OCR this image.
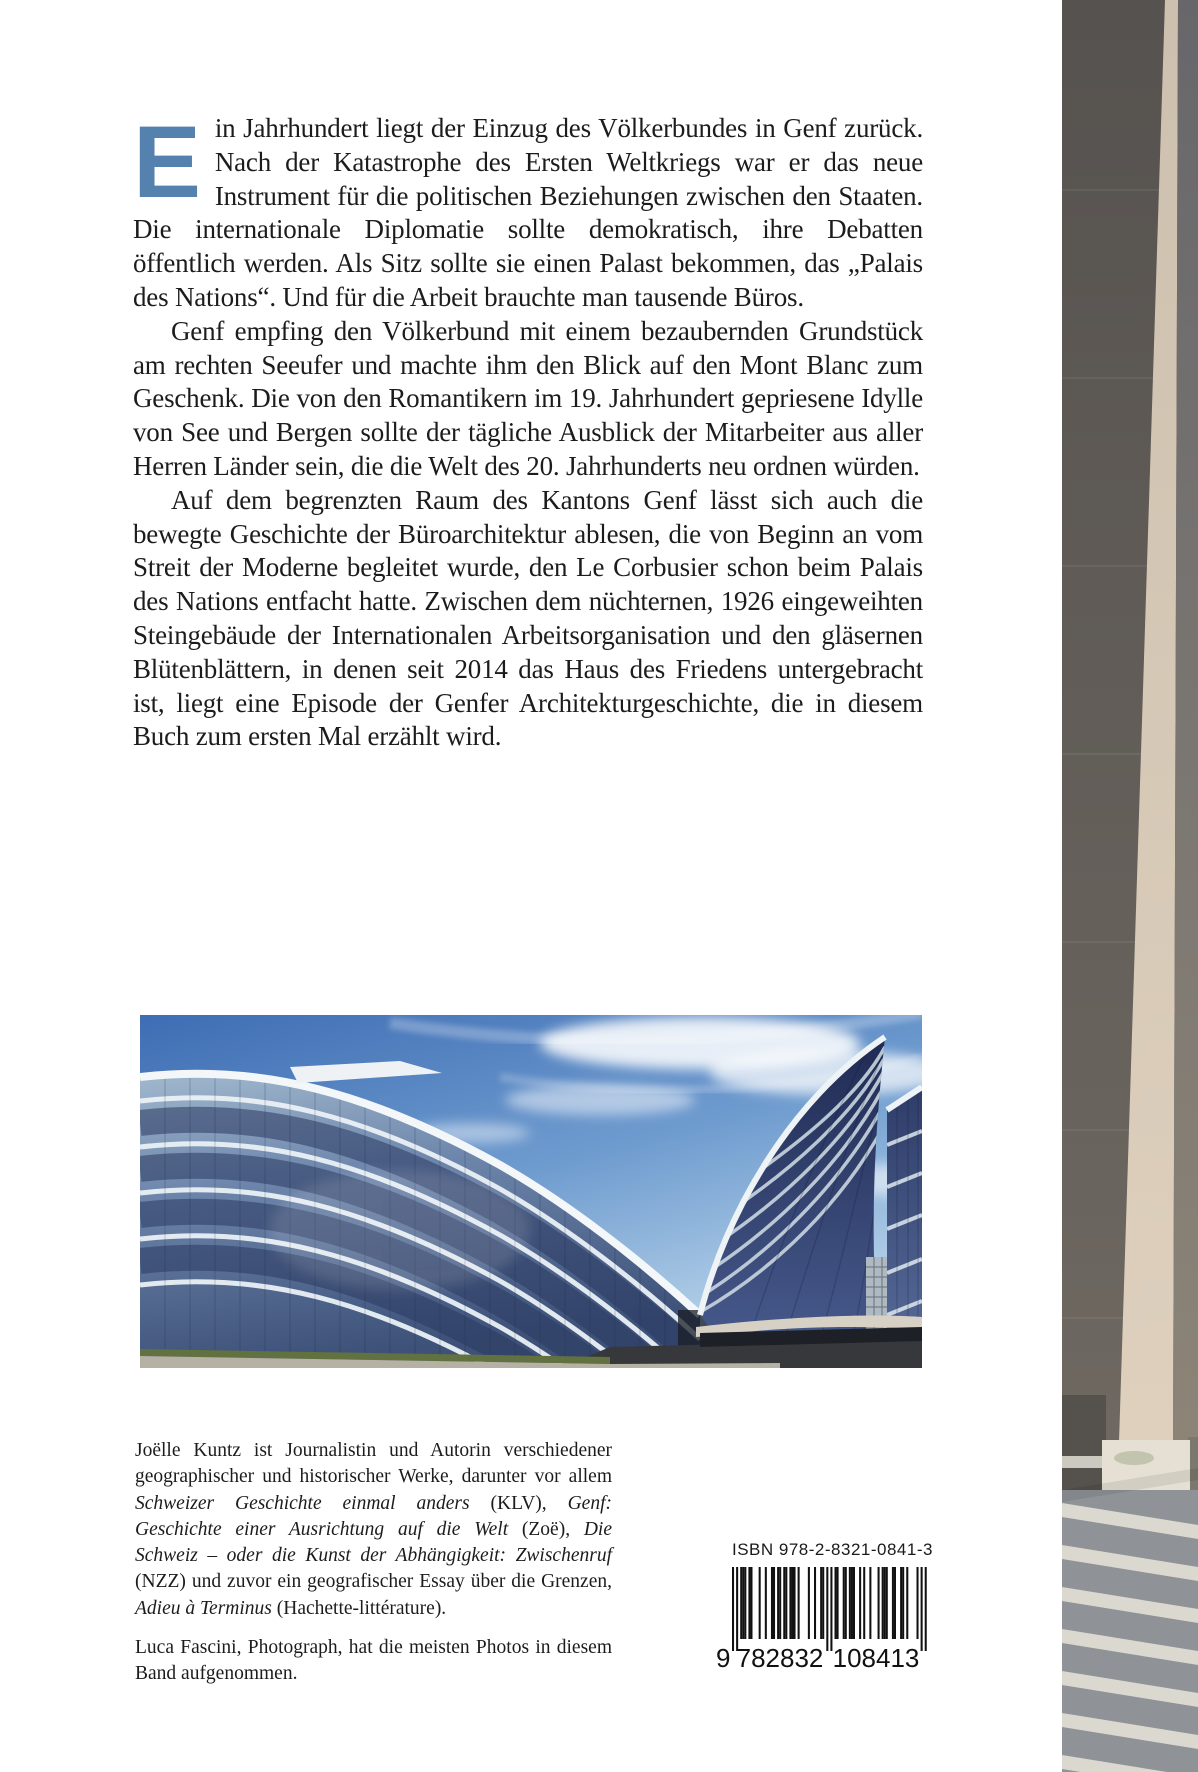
Ein Jahrhundert liegt der Einzug des Völkerbundes in Genf zurück. Nach der Katastrophe des Ersten Weltkriegs war er das neue Instrument für die politischen Beziehungen zwischen den Staaten. Die internationale Diplomatie sollte demokratisch, ihre Debatten öffentlich werden. Als Sitz sollte sie einen Palast bekommen, das „Palais des Nations“. Und für die Arbeit brauchte man tausende Büros.

Genf empfing den Völkerbund mit einem bezaubernden Grundstück am rechten Seeufer und machte ihm den Blick auf den Mont Blanc zum Geschenk. Die von den Romantikern im 19. Jahrhundert gepriesene Idylle von See und Bergen sollte der tägliche Ausblick der Mitarbeiter aus aller Herren Länder sein, die die Welt des 20. Jahrhunderts neu ordnen würden.

Auf dem begrenzten Raum des Kantons Genf lässt sich auch die bewegte Geschichte der Büroarchitektur ablesen, die von Beginn an vom Streit der Moderne begleitet wurde, den Le Corbusier schon beim Palais des Nations entfacht hatte. Zwischen dem nüchternen, 1926 eingeweihten Steingebäude der Internationalen Arbeitsorganisation und den gläsernen Blütenblättern, in denen seit 2014 das Haus des Friedens untergebracht ist, liegt eine Episode der Genfer Architekturgeschichte, die in diesem Buch zum ersten Mal erzählt wird.

Joëlle Kuntz ist Journalistin und Autorin verschiedener geographischer und historischer Werke, darunter vor allem Schweizer Geschichte einmal anders (KLV), Genf: Geschichte einer Ausrichtung auf die Welt (Zoë), Die Schweiz – oder die Kunst der Abhängigkeit: Zwischenruf (NZZ) und zuvor ein geografischer Essay über die Grenzen, Adieu à Terminus (Hachette-littérature).

Luca Fascini, Photograph, hat die meisten Photos in diesem Band aufgenommen.

ISBN 978-2-8321-0841-3
9 782832 108413
